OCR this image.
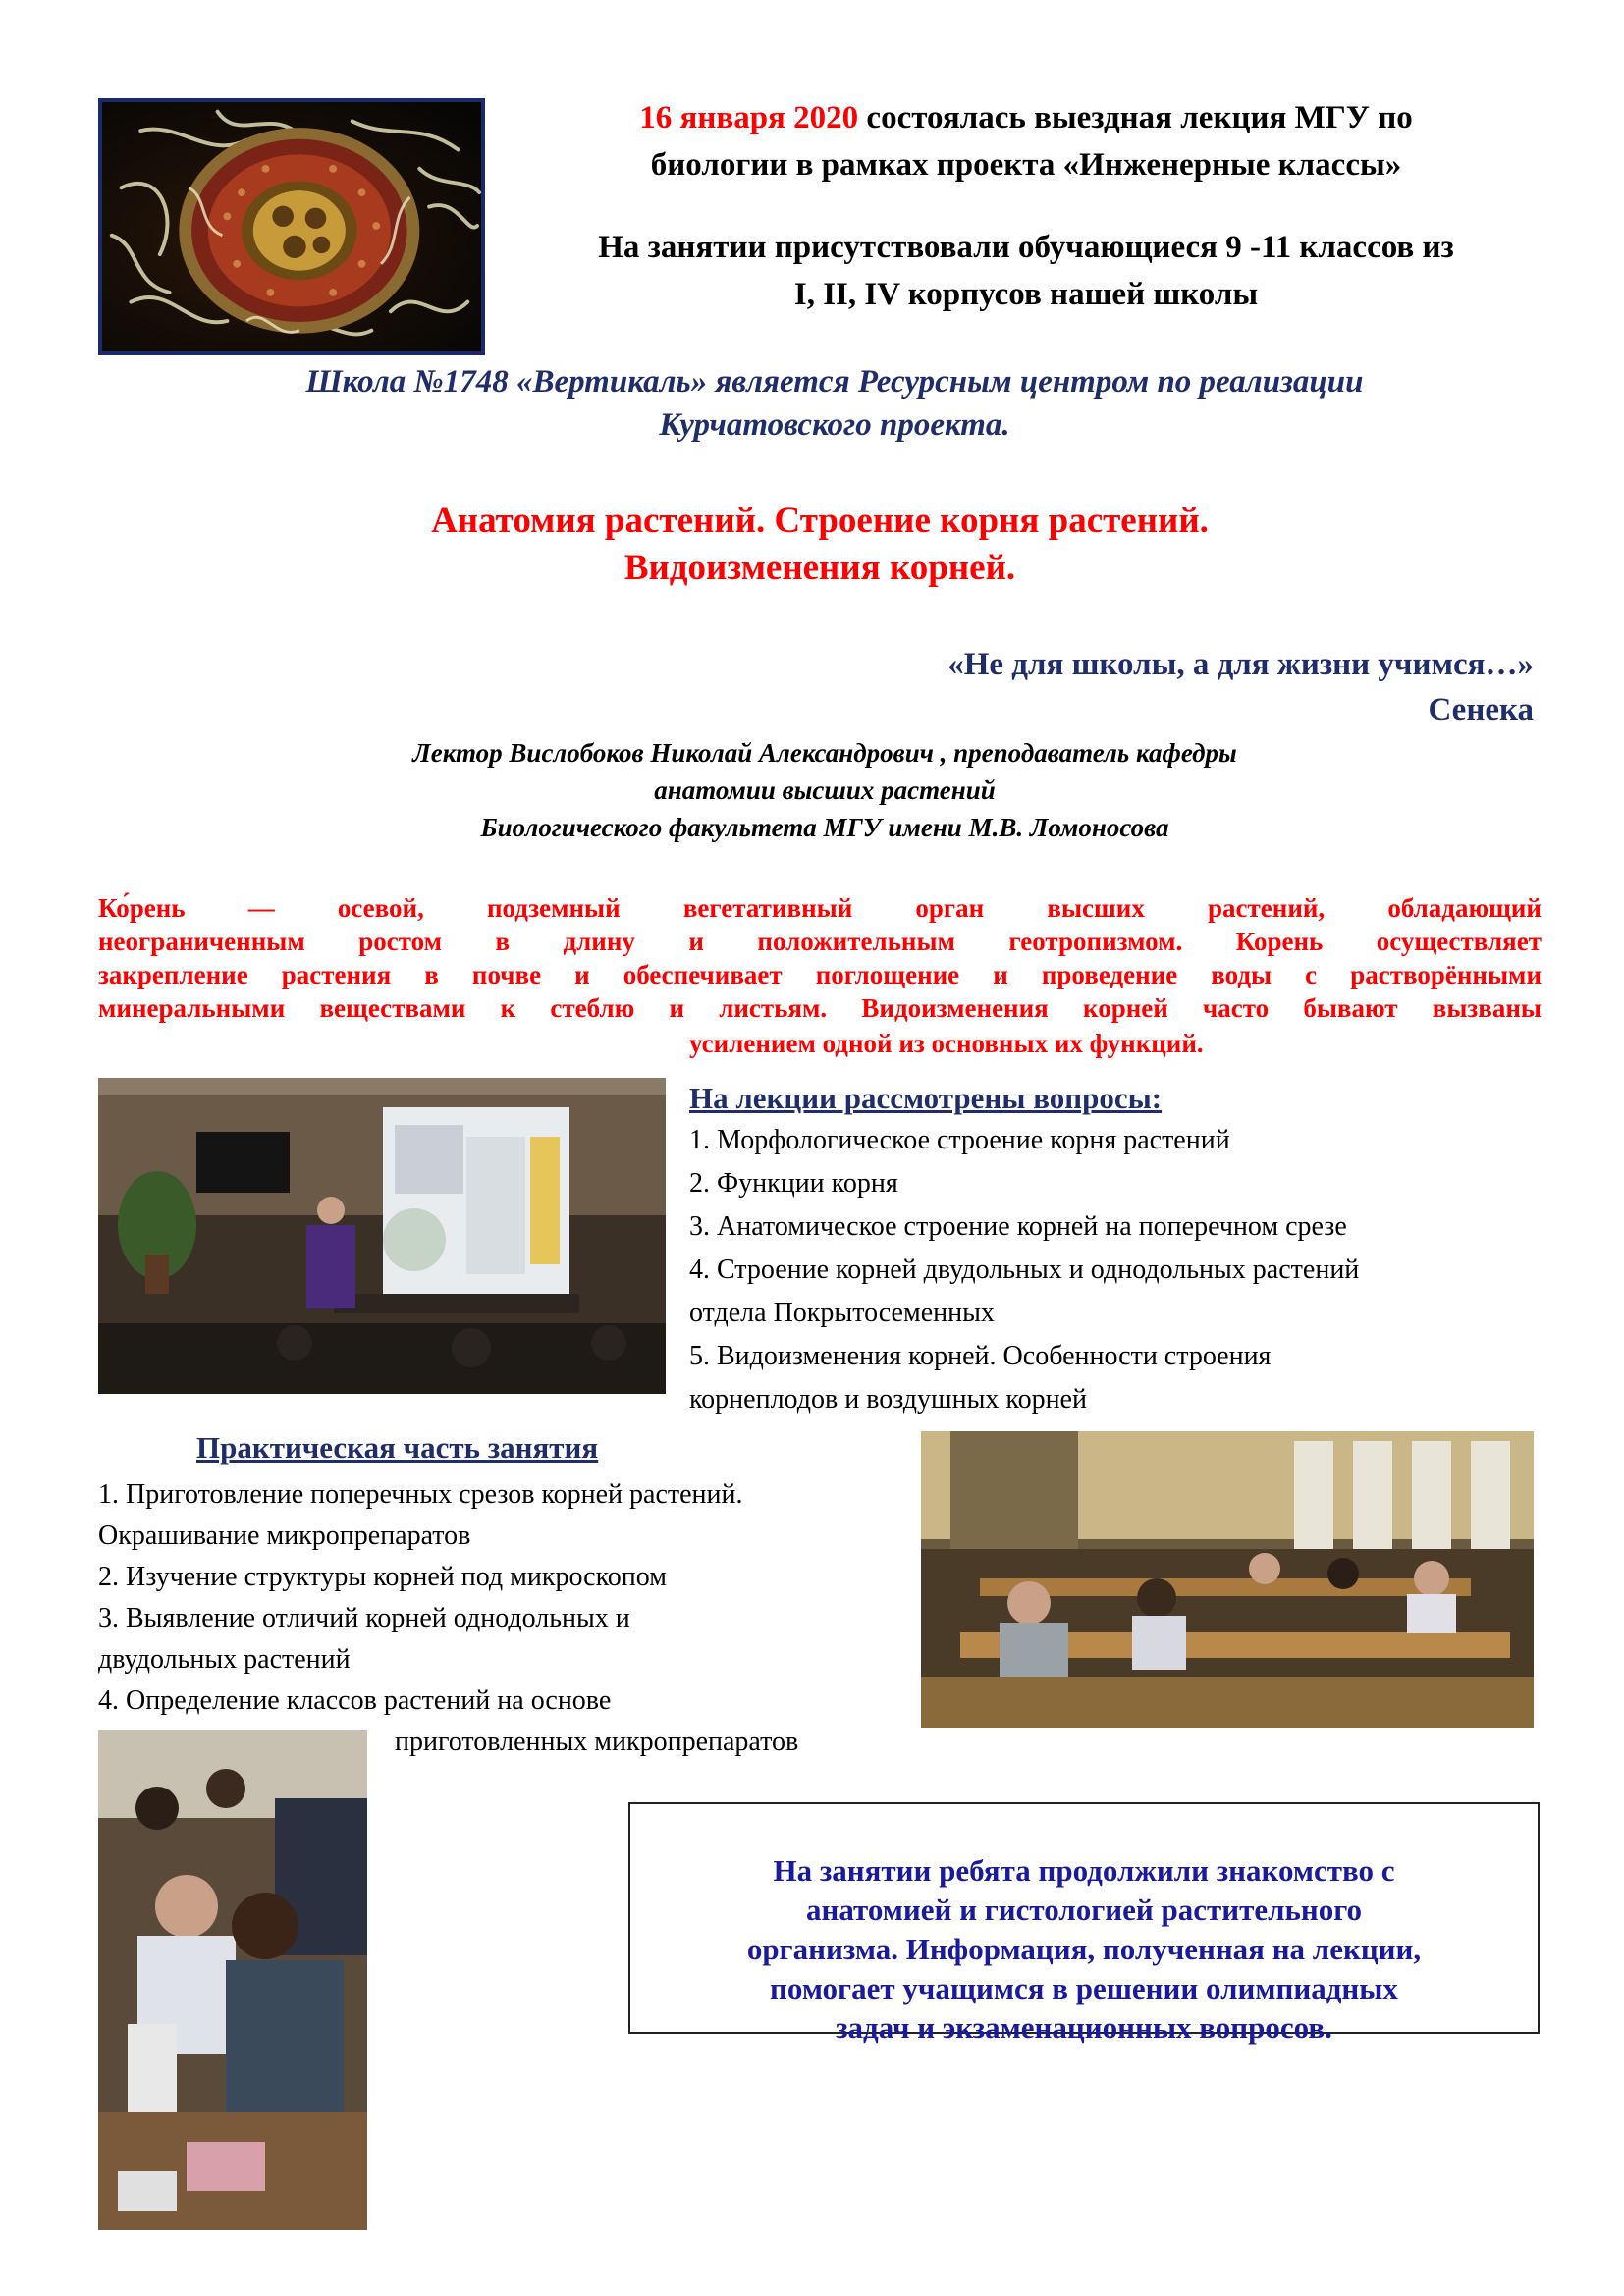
16 января 2020 состоялась выездная лекция МГУ по
биологии в рамках проекта «Инженерные классы»
На занятии присутствовали обучающиеся 9 -11 классов из
I, II, IV корпусов нашей школы
Школа №1748 «Вертикаль» является Ресурсным центром по реализации
Курчатовского проекта.
Анатомия растений. Строение корня растений.
Видоизменения корней.
«Не для школы, а для жизни учимся…»
Сенека
Лектор Вислобоков Николай Александрович , преподаватель кафедры
анатомии высших растений
Биологического факультета МГУ имени М.В. Ломоносова
Ко́рень — осевой, подземный вегетативный орган высших растений, обладающий
неограниченным ростом в длину и положительным геотропизмом. Корень осуществляет
закрепление растения в почве и обеспечивает поглощение и проведение воды с растворёнными
минеральными веществами к стеблю и листьям. Видоизменения корней часто бывают вызваны
усилением одной из основных их функций.
На лекции рассмотрены вопросы:
1. Морфологическое строение корня растений
2. Функции корня
3. Анатомическое строение корней на поперечном срезе
4. Строение корней двудольных и однодольных растений
отдела Покрытосеменных
5. Видоизменения корней. Особенности строения
корнеплодов и воздушных корней
Практическая часть занятия
1. Приготовление поперечных срезов корней растений.
Окрашивание микропрепаратов
2. Изучение структуры корней под микроскопом
3. Выявление отличий корней однодольных и
двудольных растений
4. Определение классов растений на основе
приготовленных микропрепаратов
На занятии ребята продолжили знакомство с
анатомией и гистологией растительного
организма. Информация, полученная на лекции,
помогает учащимся в решении олимпиадных
задач и экзаменационных вопросов.
